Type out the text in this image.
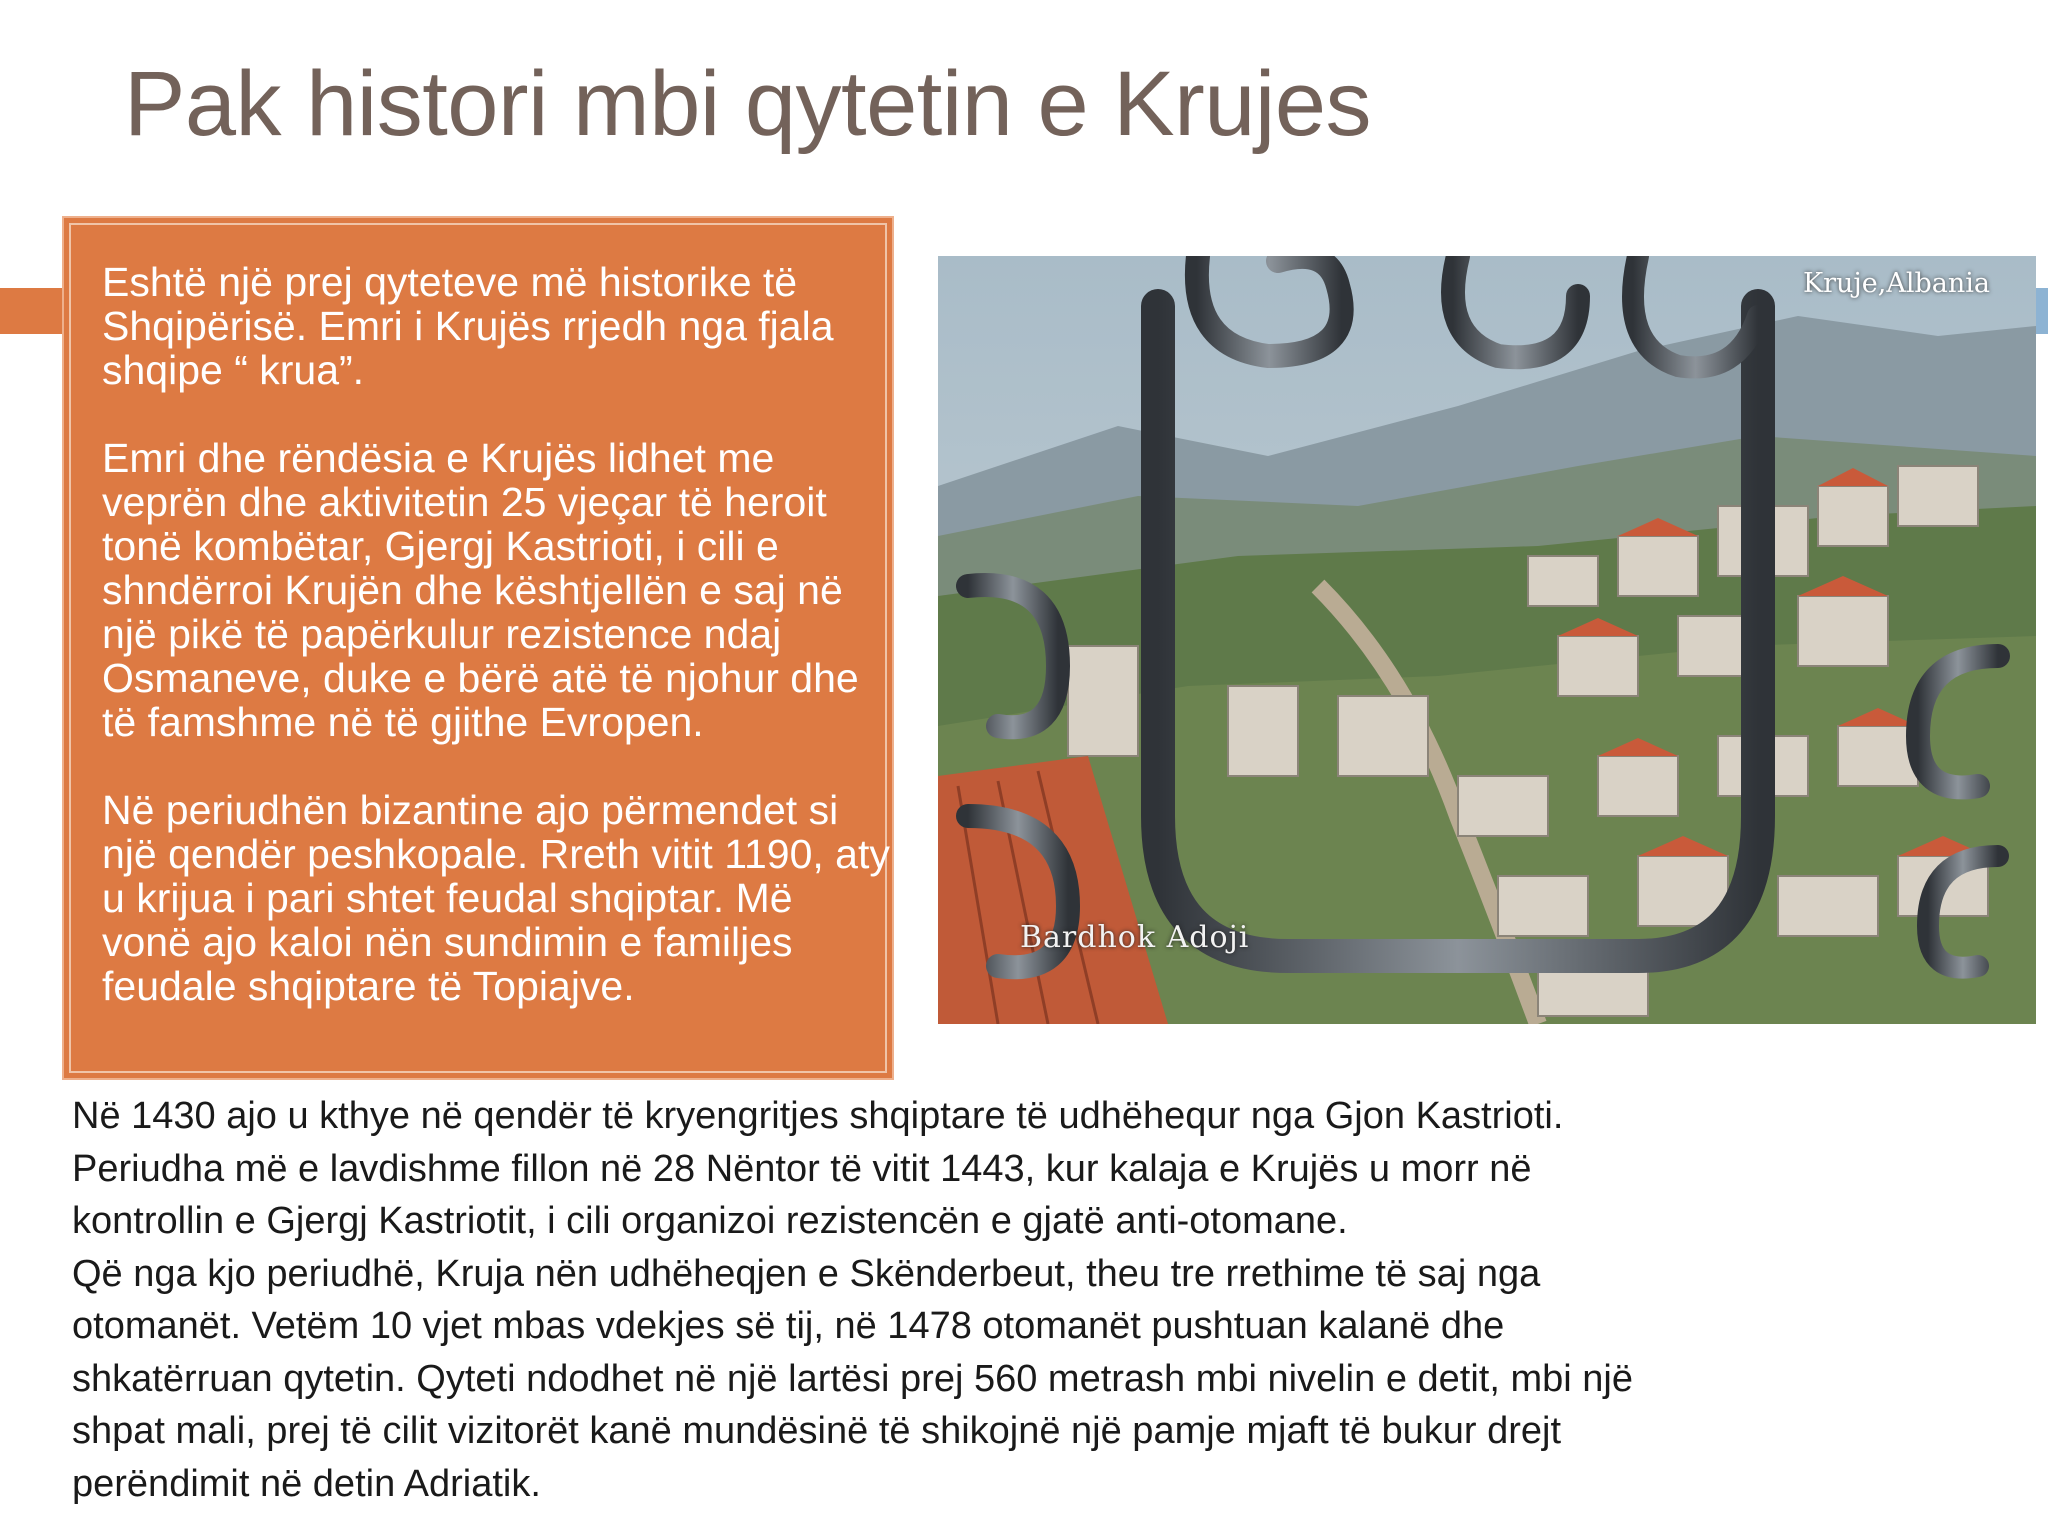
Pak histori mbi qytetin e Krujes

Eshtë një prej qyteteve më historike të Shqipërisë. Emri i Krujës rrjedh nga fjala shqipe “ krua”.

Emri dhe rëndësia e Krujës lidhet me veprën dhe aktivitetin 25 vjeçar të heroit tonë kombëtar, Gjergj Kastrioti, i cili e shndërroi Krujën dhe kështjellën e saj në një pikë të papërkulur rezistence ndaj Osmaneve, duke e bërë atë të njohur dhe të famshme në të gjithe Evropen.

Në periudhën bizantine ajo përmendet si një qendër peshkopale. Rreth vitit 1190, aty u krijua i pari shtet feudal shqiptar. Më vonë ajo kaloi nën sundimin e familjes feudale shqiptare të Topiajve.

Kruje,Albania
Bardhok Adoji
Në 1430 ajo u kthye në qendër të kryengritjes shqiptare të udhëhequr nga Gjon Kastrioti.
Periudha më e lavdishme fillon në 28 Nëntor të vitit 1443, kur kalaja e Krujës u morr në
kontrollin e Gjergj Kastriotit, i cili organizoi rezistencën e gjatë anti-otomane.
Që nga kjo periudhë, Kruja nën udhëheqjen e Skënderbeut, theu tre rrethime të saj nga
otomanët. Vetëm 10 vjet mbas vdekjes së tij, në 1478 otomanët pushtuan kalanë dhe
shkatërruan qytetin. Qyteti ndodhet në një lartësi prej 560 metrash mbi nivelin e detit, mbi një
shpat mali, prej të cilit vizitorët kanë mundësinë të shikojnë një pamje mjaft të bukur drejt
perëndimit në detin Adriatik.
